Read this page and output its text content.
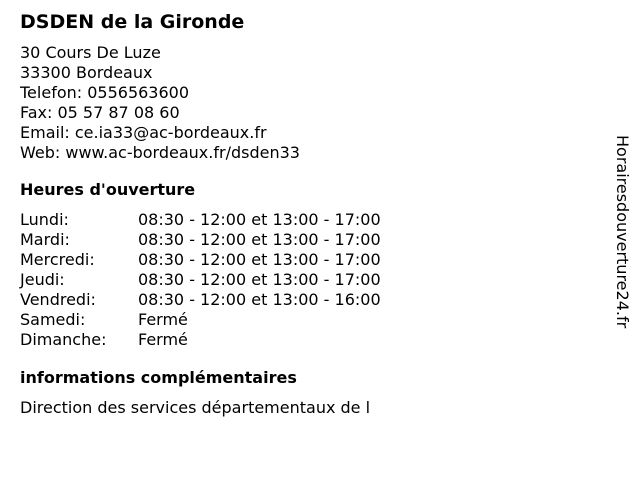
DSDEN de la Gironde
30 Cours De Luze
33300 Bordeaux
Telefon: 0556563600
Fax: 05 57 87 08 60
Email: ce.ia33@ac-bordeaux.fr
Web: www.ac-bordeaux.fr/dsden33
Heures d'ouverture
Lundi:	08:30 - 12:00 et 13:00 - 17:00
Mardi:	08:30 - 12:00 et 13:00 - 17:00
Mercredi:	08:30 - 12:00 et 13:00 - 17:00
Jeudi:	08:30 - 12:00 et 13:00 - 17:00
Vendredi:	08:30 - 12:00 et 13:00 - 16:00
Samedi:	Fermé
Dimanche:	Fermé
informations complémentaires
Direction des services départementaux de l
Horairesdouverture24.fr
